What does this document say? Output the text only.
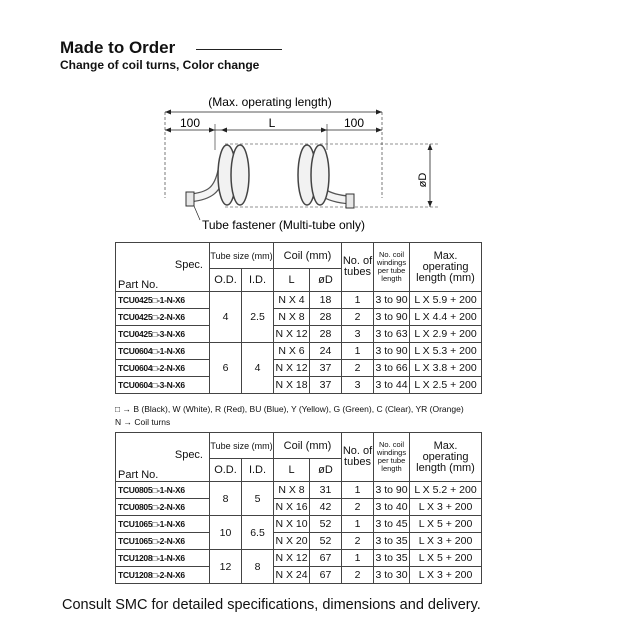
Made to Order
Change of coil turns, Color change
(Max. operating length)
100	L	100
øD
Tube fastener (Multi-tube only)
Spec.
Part No.	Tube size (mm)		Coil (mm)		No. of tubes	No. coil windings per tube length	Max. operating length (mm)
	O.D.	I.D.	L	øD			
TCU0425□-1-N-X6	4	2.5	N X 4	18	1	3 to 90	L X 5.9 + 200
TCU0425□-2-N-X6			N X 8	28	2	3 to 90	L X 4.4 + 200
TCU0425□-3-N-X6			N X 12	28	3	3 to 63	L X 2.9 + 200
TCU0604□-1-N-X6	6	4	N X 6	24	1	3 to 90	L X 5.3 + 200
TCU0604□-2-N-X6			N X 12	37	2	3 to 66	L X 3.8 + 200
TCU0604□-3-N-X6			N X 18	37	3	3 to 44	L X 2.5 + 200
□ → B (Black), W (White), R (Red), BU (Blue), Y (Yellow), G (Green), C (Clear), YR (Orange)
N → Coil turns
Spec.
Part No.	Tube size (mm)		Coil (mm)		No. of tubes	No. coil windings per tube length	Max. operating length (mm)
	O.D.	I.D.	L	øD			
TCU0805□-1-N-X6	8	5	N X 8	31	1	3 to 90	L X 5.2 + 200
TCU0805□-2-N-X6			N X 16	42	2	3 to 40	L X 3 + 200
TCU1065□-1-N-X6	10	6.5	N X 10	52	1	3 to 45	L X 5 + 200
TCU1065□-2-N-X6			N X 20	52	2	3 to 35	L X 3 + 200
TCU1208□-1-N-X6	12	8	N X 12	67	1	3 to 35	L X 5 + 200
TCU1208□-2-N-X6			N X 24	67	2	3 to 30	L X 3 + 200
Consult SMC for detailed specifications, dimensions and delivery.
